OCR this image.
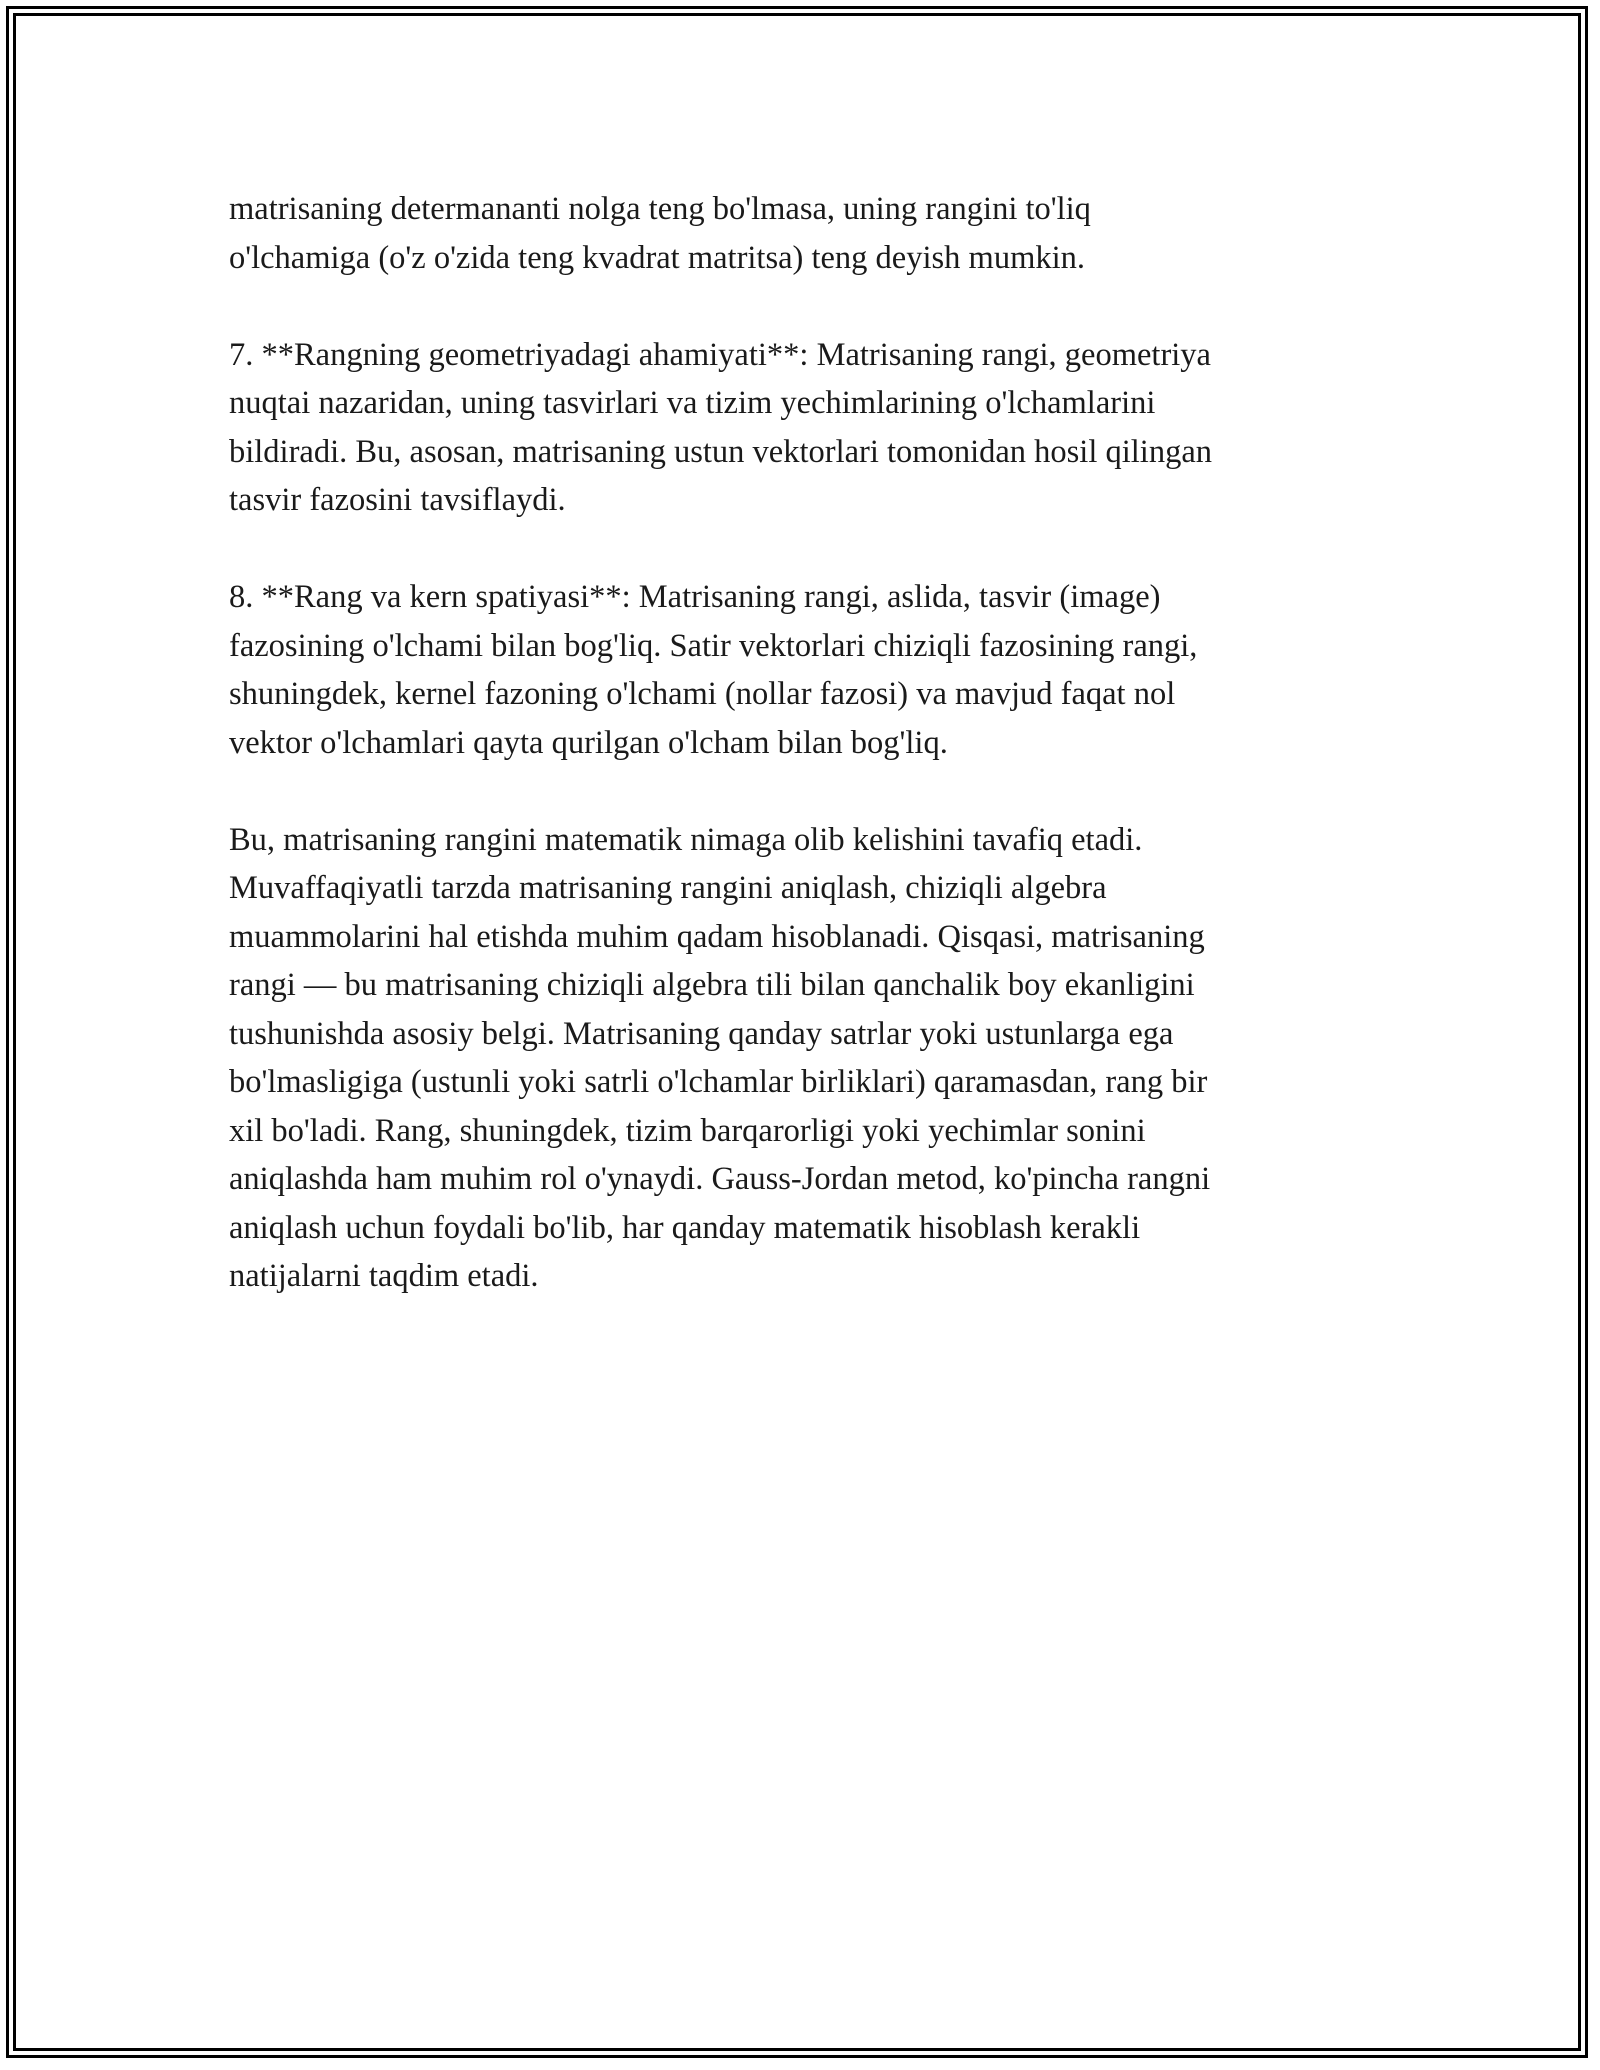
matrisaning determananti nolga teng bo'lmasa, uning rangini to'liq
o'lchamiga (o'z o'zida teng kvadrat matritsa) teng deyish mumkin.

7. **Rangning geometriyadagi ahamiyati**: Matrisaning rangi, geometriya
nuqtai nazaridan, uning tasvirlari va tizim yechimlarining o'lchamlarini
bildiradi. Bu, asosan, matrisaning ustun vektorlari tomonidan hosil qilingan
tasvir fazosini tavsiflaydi.

8. **Rang va kern spatiyasi**: Matrisaning rangi, aslida, tasvir (image)
fazosining o'lchami bilan bog'liq. Satir vektorlari chiziqli fazosining rangi,
shuningdek, kernel fazoning o'lchami (nollar fazosi) va mavjud faqat nol
vektor o'lchamlari qayta qurilgan o'lcham bilan bog'liq.

Bu, matrisaning rangini matematik nimaga olib kelishini tavafiq etadi.
Muvaffaqiyatli tarzda matrisaning rangini aniqlash, chiziqli algebra
muammolarini hal etishda muhim qadam hisoblanadi. Qisqasi, matrisaning
rangi — bu matrisaning chiziqli algebra tili bilan qanchalik boy ekanligini
tushunishda asosiy belgi. Matrisaning qanday satrlar yoki ustunlarga ega
bo'lmasligiga (ustunli yoki satrli o'lchamlar birliklari) qaramasdan, rang bir
xil bo'ladi. Rang, shuningdek, tizim barqarorligi yoki yechimlar sonini
aniqlashda ham muhim rol o'ynaydi. Gauss-Jordan metod, ko'pincha rangni
aniqlash uchun foydali bo'lib, har qanday matematik hisoblash kerakli
natijalarni taqdim etadi.
